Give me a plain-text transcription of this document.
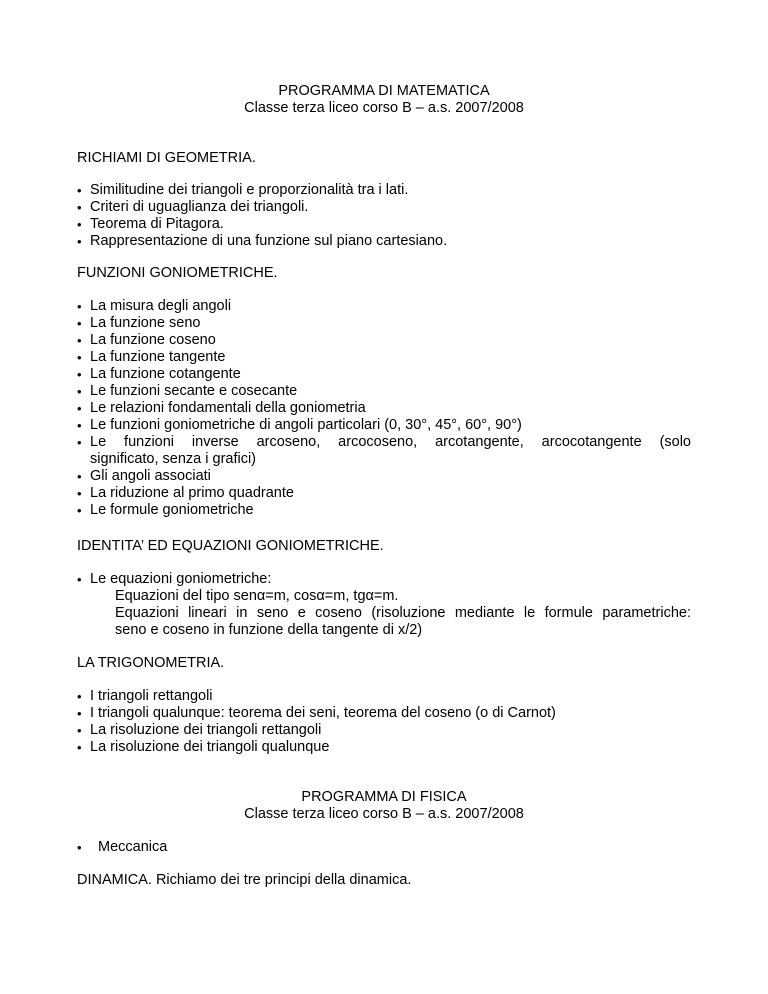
PROGRAMMA DI MATEMATICA
Classe terza liceo corso B – a.s. 2007/2008
RICHIAMI DI GEOMETRIA.
• Similitudine dei triangoli e proporzionalità tra i lati.
• Criteri di uguaglianza dei triangoli.
• Teorema di Pitagora.
• Rappresentazione di una funzione sul piano cartesiano.
FUNZIONI GONIOMETRICHE.
• La misura degli angoli
• La funzione seno
• La funzione coseno
• La funzione tangente
• La funzione cotangente
• Le funzioni secante e cosecante
• Le relazioni fondamentali della goniometria
• Le funzioni goniometriche di angoli particolari (0, 30°, 45°, 60°, 90°)
• Le funzioni inverse arcoseno, arcocoseno, arcotangente, arcocotangente (solo
significato, senza i grafici)
• Gli angoli associati
• La riduzione al primo quadrante
• Le formule goniometriche
IDENTITA’ ED EQUAZIONI GONIOMETRICHE.
• Le equazioni goniometriche:
Equazioni del tipo senα=m, cosα=m, tgα=m.
Equazioni lineari in seno e coseno (risoluzione mediante le formule parametriche:
seno e coseno in funzione della tangente di x/2)
LA TRIGONOMETRIA.
• I triangoli rettangoli
• I triangoli qualunque: teorema dei seni, teorema del coseno (o di Carnot)
• La risoluzione dei triangoli rettangoli
• La risoluzione dei triangoli qualunque
PROGRAMMA DI FISICA
Classe terza liceo corso B – a.s. 2007/2008
• Meccanica
DINAMICA. Richiamo dei tre principi della dinamica.
